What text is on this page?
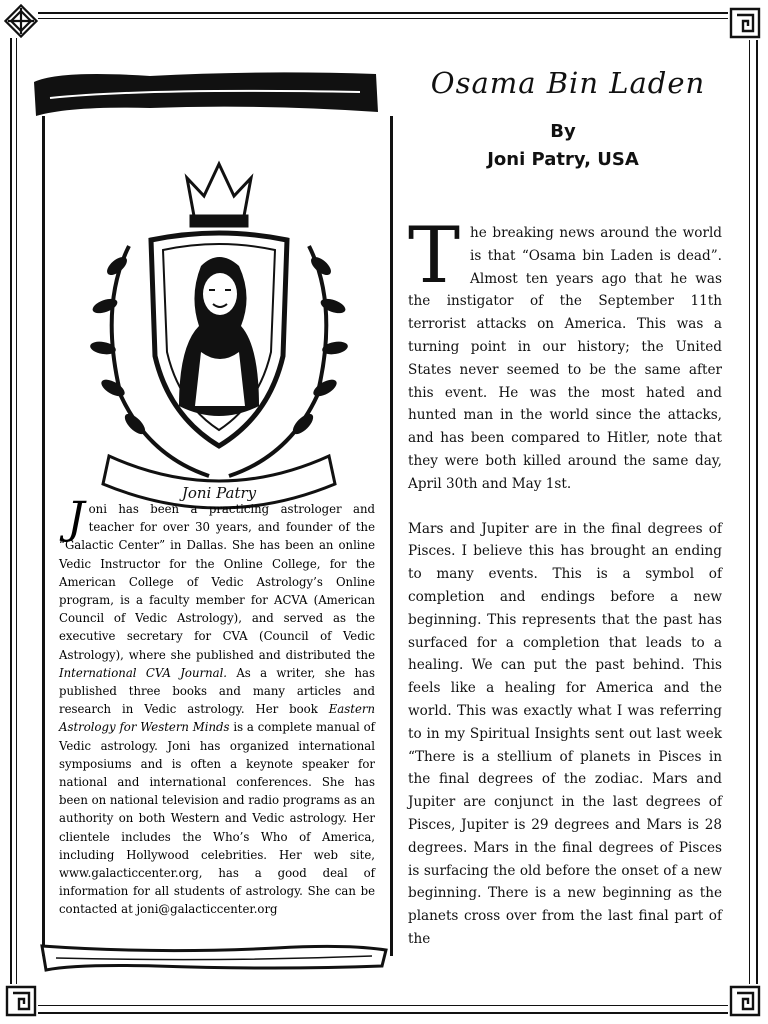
Joni Patry
Joni has been a practicing astrologer and teacher for over 30 years, and founder of the “Galactic Center” in Dallas. She has been an online Vedic Instructor for the Online College, for the American College of Vedic Astrology’s Online program, is a faculty member for ACVA (American Council of Vedic Astrology), and served as the executive secretary for CVA (Council of Vedic Astrology), where she published and distributed the International CVA Journal. As a writer, she has published three books and many articles and research in Vedic astrology. Her book Eastern Astrology for Western Minds is a complete manual of Vedic astrology. Joni has organized international symposiums and is often a keynote speaker for national and international conferences. She has been on national television and radio programs as an authority on both Western and Vedic astrology. Her clientele includes the Who’s Who of America, including Hollywood celebrities. Her web site, www.galacticcenter.org, has a good deal of information for all students of astrology. She can be contacted at joni@galacticcenter.org
Osama Bin Laden
By
Joni Patry, USA

The breaking news around the world is that “Osama bin Laden is dead”. Almost ten years ago that he was the instigator of the September 11th terrorist attacks on America. This was a turning point in our history; the United States never seemed to be the same after this event. He was the most hated and hunted man in the world since the attacks, and has been compared to Hitler, note that they were both killed around the same day, April 30th and May 1st.

Mars and Jupiter are in the final degrees of Pisces. I believe this has brought an ending to many events. This is a symbol of completion and endings before a new beginning. This represents that the past has surfaced for a completion that leads to a healing. We can put the past behind. This feels like a healing for America and the world. This was exactly what I was referring to in my Spiritual Insights sent out last week “There is a stellium of planets in Pisces in the final degrees of the zodiac. Mars and Jupiter are conjunct in the last degrees of Pisces, Jupiter is 29 degrees and Mars is 28 degrees. Mars in the final degrees of Pisces is surfacing the old before the onset of a new beginning. There is a new beginning as the planets cross over from the last final part of the
